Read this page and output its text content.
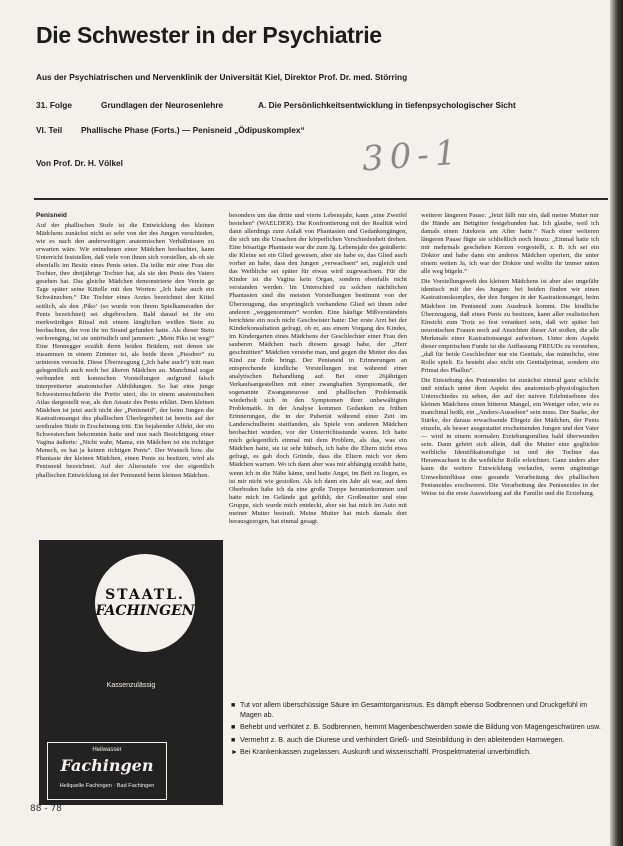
Die Schwester in der Psychiatrie
Aus der Psychiatrischen und Nervenklinik der Universität Kiel, Direktor Prof. Dr. med. Störring
31. Folge	Grundlagen der Neurosenlehre	A. Die Persönlichkeitsentwicklung in tiefenpsychologischer Sicht
VI. Teil Phallische Phase (Forts.) — Penisneid „Ödipuskomplex“
Von Prof. Dr. H. Völkel	30-1

Penisneid

Auf der phallischen Stufe ist die Entwicklung des kleinen Mädchens zunächst nicht so sehr von der des Jungen verschieden, wie es nach den anderweitigen anatomischen Verhältnissen zu erwarten wäre. Wir entnehmen einer Mädchen beobachtet, kann Unterricht feststellen, daß viele von ihnen sich vorstellen, als ob sie ebenfalls im Besitz eines Penis seien. Da teilte mir eine Frau die Tochter, ihre dreijährige Tochter hat, als sie den Penis des Vaters gesehen hat. Das gleiche Mädchen demonstrierte den Verein ge Tage später seine Kittelle mit den Worten: „Ich habe auch ein Schwänzchen.“ Die Tochter eines Arztes bezeichnet den Kittel seitlich, als den ‚Piko‘ (so wurde von ihrem Spielkameraden der Penis bezeichnet) sei abgebrochen. Bald darauf ist ihr ein merkwürdiges Ritual mit einem länglichen weißen Stein zu beobachten, der von ihr im Strand gefunden hatte. Als dieser Stein verlorenging, ist sie untröstlich und jammert: „Mein Piko ist weg!“ Eine Hennegger erzählt ihren beiden Brüdern, mit denen sie zusammen in einem Zimmer ist, als beide ihren „Piesdrer“ zu urinieren versucht. Diese Überzeugung („Ich habe auch“) tritt man gelegentlich auch noch bei älteren Mädchen an. Manchmal sogar verbunden mit komischen Vorstellungen aufgrund falsch interpretierter anatomischer Abbildungen. So hat eine junge Schwesternschülerin die Portio uteri, die in einem anatomischen Atlas dargestellt war, als den Ansatz des Penis erklärt. Dem kleinen Mädchen ist jetzt auch nicht der „Penisneid“, der beim Jungen die Kastrationsangst des phallischen Überlegenheit ist bereits auf der urethralen Stufe in Erscheinung tritt. Ein bejahender Affekt, der ein Schwesterchen bekommen hatte und nun nach Besichtigung einer Vagina äußerte: „Nicht wahr, Mama, ein Mädchen ist ein richtiger Mensch, es hat ja keinen richtigen Penis“. Der Wunsch bzw. die Phantasie der kleinen Mädchen, einen Penis zu besitzen, wird als Penisneid bezeichnet. Auf der Altersstufe vor der eigentlich phallischen Entwicklung ist der Penisneid beim kleinen Mädchen.

besonders um das dritte und vierte Lebensjahr, kann „eine Zweifel bestehen“ (WAELDER). Die Konfrontierung mit der Realität wird dann allerdings zum Anlaß von Phantasien und Gedankengängen, die sich um die Ursachen der körperlichen Verschiedenheit drehen. Eine bösartige Phantasie war die zum Jg. Lebensjahr des geäußerte: die Kleine sei ein Glied gewesen, aber sie habe es, das Glied auch vorher an habe, dass den Jungen „verwachsen“ sei, zugleich und das Weibliche sei später für etwas wird zugewachsen. Für die Kinder ist die Vagina kein Organ, sondern ebenfalls nicht verstanden werden. Im Unterschied zu solchen nächtlichen Phantasien sind die meisten Vorstellungen bestimmt von der Überzeugung, das ursprünglich vorhandene Glied sei ihnen oder anderen „weggenommen“ worden. Eine häufige Mißverständnis berichtete ein noch nicht Geschwister hatte: Der erste Arzt bei der Kinderkonsultation gefragt, ob er, aus einem Vorgang des Kindes, im Kindergarten eines Mädchens der Geschlechter einer Frau den sauberen Mädchen nach diesem gesagt habe, der „Herr geschnittten“ Mädchen verstehe man, und gegen die Mutter des das Kind zur Erde bringt. Der Penisneid in Erinnerungen an entsprechende kindliche Vorstellungen trat während einer analytischen Behandlung auf. Bei einer 26jährigen Verkaufsangestellten mit einer zwanghaften Symptomatik, der sogenannte Zwangsneurose und phallischen Problematik wiederholt sich in den Symptomen ihrer unbewältigten Problematik. In der Analyse kommen Gedanken zu frühen Erinnerungen, die in der Pubertät während einer Zeit im Landerschulheim stattfanden, als Spiele von anderen Mädchen beobachtet wurden, vor der Unterrichtsstunde waren. Ich hatte mich gelegentlich einmal mit dem Problem, als das, was ein Mädchen hatte, sie ist sehr hübsch, ich habe die Eltern nicht etwa gefragt, es gab doch Gründe, dass die Eltern mich vor dem Mädchen warnen. Wo ich dann aber was mir abhängig erzählt hatte, wenn ich in die Nähe käme, und hatte Angst, im Bett zu liegen, es ist mir nicht wie gestoßen. Als ich dann ein Jahr alt war, auf dem Oberboden habe ich da eine große Treppe herunterkommen und hatte mich im Gelände gut gefühlt, der Großmutter und eine Gruppe, sich wurde mich entdeckt, aber sie hat mich im Auto mit meiner Mutter bestraft. Meine Mutter hat mich damals dort herausgezogen, hat einmal gesagt.

weiterer längeren Pause: „Jetzt fällt mir ein, daß meine Mutter mir die Hände am Bettgitter festgebunden hat. Ich glaube, weil ich damals einen Jutekreis am After hatte.“ Nach einer weiteren längeren Pause fügte sie schließlich noch hinzu: „Einmal hatte ich mir mehrmals geschehen Kerzen vorgestellt, z. B. ich sei ein Doktor und habe dann ein anderes Mädchen operiert, die unter einem weiten Ja, ich war der Doktor und wollte ihr immer unten alle weg bügeln.“

Die Vorstellungswelt des kleinen Mädchens ist aber also ungefähr identisch mit der des Jungen: bei beiden finden wir einen Kastrationskomplex, der den Jungen in der Kastrationsangst, beim Mädchen im Penisneid zum Ausdruck kommt. Die kindliche Überzeugung, daß eines Penis zu besitzen, kann aller realistischen Einsicht zum Trotz so fest verankert sein, daß wir später bei neurotischen Frauen noch auf Ansichten dieser Art stoßen, die alle Merkmale einer Kastrationsangst aufweisen. Unter dem Aspekt dieser empirischen Funde ist die Auffassung FREUDs zu verstehen, „daß für beide Geschlechter nur ein Genitale, das männliche, eine Rolle spielt. Es besteht also nicht ein Genitalprimat, sondern ein Primat des Phallus“.

Die Entstehung des Penisneides ist zunächst einmal ganz schlicht und einfach unter dem Aspekt des anatomisch-physiologischen Unterschiedes zu sehen, der auf der naiven Erlebnisebene des kleinen Mädchens einen bitteren Mangel, ein Weniger oder, wie es manchmal heißt, ein „Anders-Aussehen“ sein muss. Der Starke, der Stärke, der daraus erwachsende Ehrgeiz der Mädchen, der Penis einzeln, als besser ausgestattet erscheinenden Jungen und den Vater — wird in einem normalen Erziehungsmilieu bald überwunden sein. Dann gehört sich allein, daß die Mutter eine geglückte weibliche Identifikationsfigur ist und der Tochter das Heranwachsen in die weibliche Rolle erleichtert. Ganz anders aber kann die weitere Entwicklung verlaufen, wenn ungünstige Umwelteinflüsse eine gesunde Verarbeitung des phallischen Penisneides erschweren. Die Verarbeitung des Penisneides in der Weise ist die erste Auswirkung auf die Familie und die Erziehung.

STAATL.
FACHINGEN
Kassenzulässig
Heilwasser
Fachingen
Heilquelle Fachingen · Bad Fachingen
■ Tut vor allem überschüssige Säure im Gesamtorganismus. Es dämpft ebenso Sodbrennen und Druckgefühl im Magen ab.
■ Behebt und verhütet z. B. Sodbrennen, hemmt Magenbeschwerden sowie die Bildung von Magengeschwüren usw.
■ Vermehrt z. B. auch die Diurese und verhindert Grieß- und Steinbildung in den ableitenden Harnwegen.
► Bei Krankenkassen zugelassen. Auskunft und wissenschaftl. Prospektmaterial unverbindlich.
88 - 78
